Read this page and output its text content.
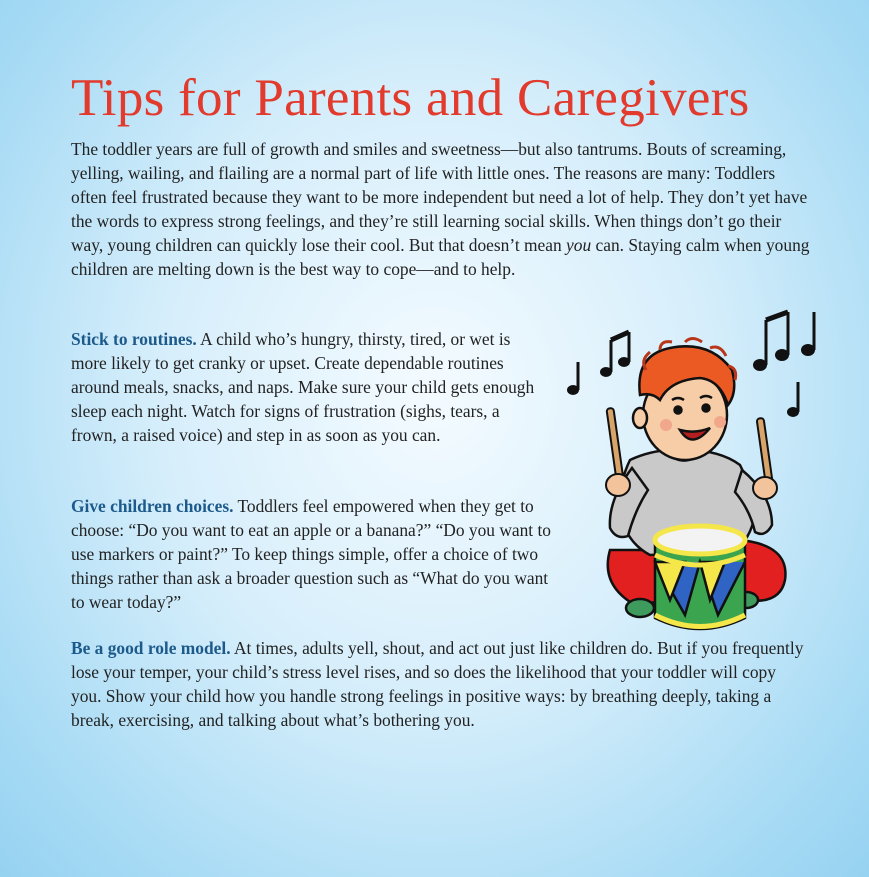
Tips for Parents and Caregivers

The toddler years are full of growth and smiles and sweetness—but also tantrums. Bouts of screaming, yelling, wailing, and flailing are a normal part of life with little ones. The reasons are many: Toddlers often feel frustrated because they want to be more independent but need a lot of help. They don’t yet have the words to express strong feelings, and they’re still learning social skills. When things don’t go their way, young children can quickly lose their cool. But that doesn’t mean you can. Staying calm when young children are melting down is the best way to cope—and to help.

Stick to routines. A child who’s hungry, thirsty, tired, or wet is more likely to get cranky or upset. Create dependable routines around meals, snacks, and naps. Make sure your child gets enough sleep each night. Watch for signs of frustration (sighs, tears, a frown, a raised voice) and step in as soon as you can.

Give children choices. Toddlers feel empowered when they get to choose: “Do you want to eat an apple or a banana?” “Do you want to use markers or paint?” To keep things simple, offer a choice of two things rather than ask a broader question such as “What do you want to wear today?”

Be a good role model. At times, adults yell, shout, and act out just like children do. But if you frequently lose your temper, your child’s stress level rises, and so does the likelihood that your toddler will copy you. Show your child how you handle strong feelings in positive ways: by breathing deeply, taking a break, exercising, and talking about what’s bothering you.
